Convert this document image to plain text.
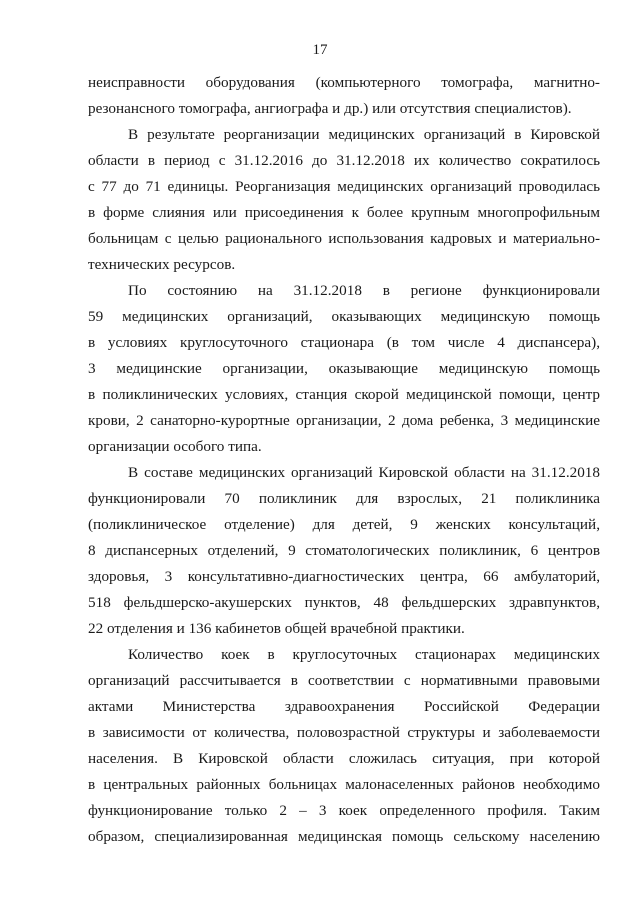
17

неисправности оборудования (компьютерного томографа, магнитно-

резонансного томографа, ангиографа и др.) или отсутствия специалистов).

В результате реорганизации медицинских организаций в Кировской

области в период с 31.12.2016 до 31.12.2018 их количество сократилось

с 77 до 71 единицы. Реорганизация медицинских организаций проводилась

в форме слияния или присоединения к более крупным многопрофильным

больницам с целью рационального использования кадровых и материально-

технических ресурсов.

По состоянию на 31.12.2018 в регионе функционировали

59 медицинских организаций, оказывающих медицинскую помощь

в условиях круглосуточного стационара (в том числе 4 диспансера),

3 медицинские организации, оказывающие медицинскую помощь

в поликлинических условиях, станция скорой медицинской помощи, центр

крови, 2 санаторно-курортные организации, 2 дома ребенка, 3 медицинские

организации особого типа.

В составе медицинских организаций Кировской области на 31.12.2018

функционировали 70 поликлиник для взрослых, 21 поликлиника

(поликлиническое отделение) для детей, 9 женских консультаций,

8 диспансерных отделений, 9 стоматологических поликлиник, 6 центров

здоровья, 3 консультативно-диагностических центра, 66 амбулаторий,

518 фельдшерско-акушерских пунктов, 48 фельдшерских здравпунктов,

22 отделения и 136 кабинетов общей врачебной практики.

Количество коек в круглосуточных стационарах медицинских

организаций рассчитывается в соответствии с нормативными правовыми

актами Министерства здравоохранения Российской Федерации

в зависимости от количества, половозрастной структуры и заболеваемости

населения. В Кировской области сложилась ситуация, при которой

в центральных районных больницах малонаселенных районов необходимо

функционирование только 2 – 3 коек определенного профиля. Таким

образом, специализированная медицинская помощь сельскому населению
